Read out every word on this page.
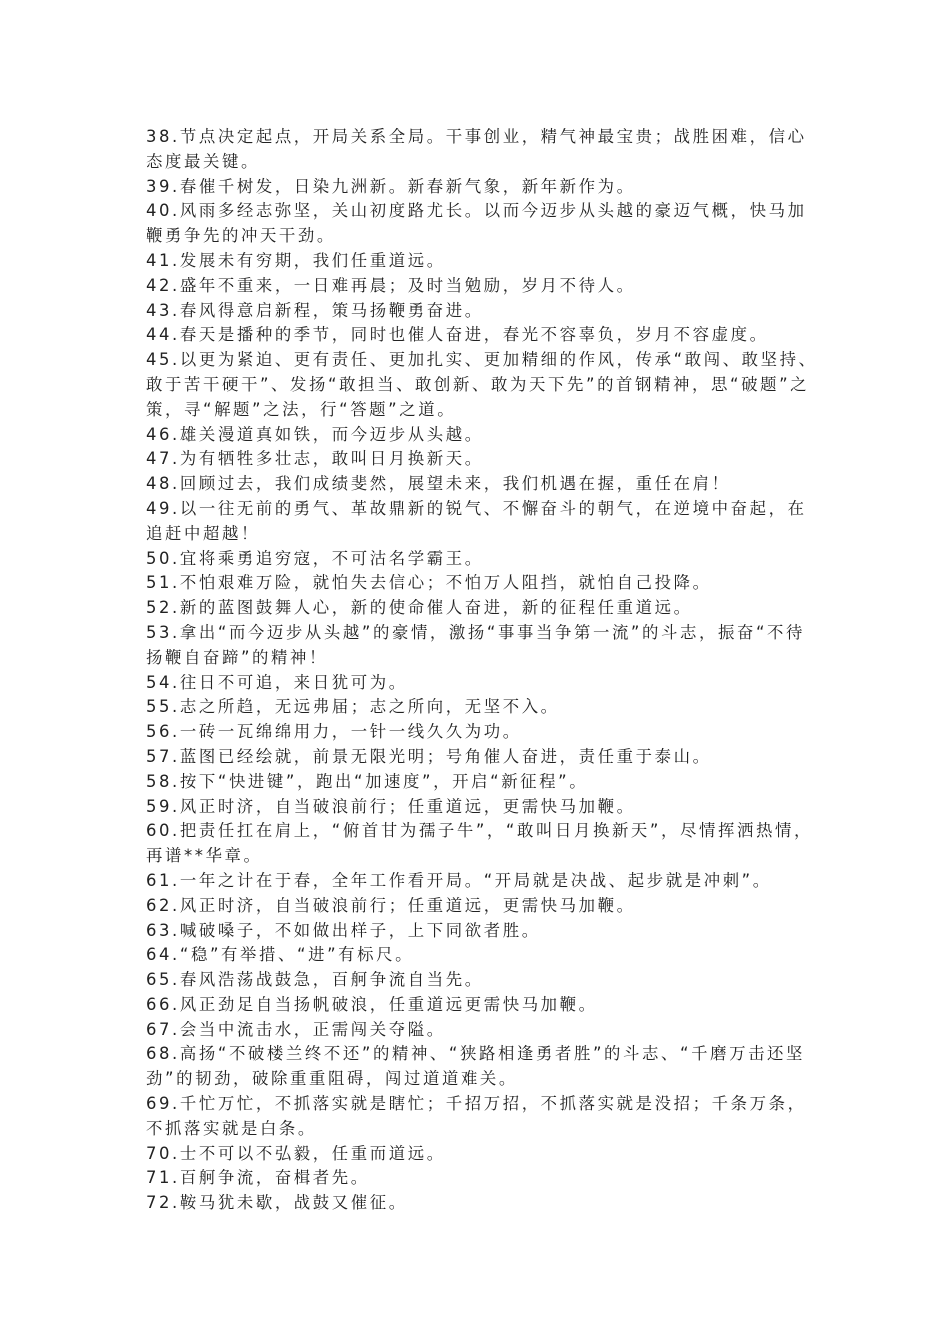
38.节点决定起点，开局关系全局。干事创业，精气神最宝贵；战胜困难，信心态度最关键。
39.春催千树发，日染九洲新。新春新气象，新年新作为。
40.风雨多经志弥坚，关山初度路尤长。以而今迈步从头越的豪迈气概，快马加鞭勇争先的冲天干劲。
41.发展未有穷期，我们任重道远。
42.盛年不重来，一日难再晨；及时当勉励，岁月不待人。
43.春风得意启新程，策马扬鞭勇奋进。
44.春天是播种的季节，同时也催人奋进，春光不容辜负，岁月不容虚度。
45.以更为紧迫、更有责任、更加扎实、更加精细的作风，传承“敢闯、敢坚持、敢于苦干硬干”、发扬“敢担当、敢创新、敢为天下先”的首钢精神，思“破题”之策，寻“解题”之法，行“答题”之道。
46.雄关漫道真如铁，而今迈步从头越。
47.为有牺牲多壮志，敢叫日月换新天。
48.回顾过去，我们成绩斐然，展望未来，我们机遇在握，重任在肩！
49.以一往无前的勇气、革故鼎新的锐气、不懈奋斗的朝气，在逆境中奋起，在追赶中超越！
50.宜将乘勇追穷寇，不可沽名学霸王。
51.不怕艰难万险，就怕失去信心；不怕万人阻挡，就怕自己投降。
52.新的蓝图鼓舞人心，新的使命催人奋进，新的征程任重道远。
53.拿出“而今迈步从头越”的豪情，激扬“事事当争第一流”的斗志，振奋“不待扬鞭自奋蹄”的精神！
54.往日不可追，来日犹可为。
55.志之所趋，无远弗届；志之所向，无坚不入。
56.一砖一瓦绵绵用力，一针一线久久为功。
57.蓝图已经绘就，前景无限光明；号角催人奋进，责任重于泰山。
58.按下“快进键”，跑出“加速度”，开启“新征程”。
59.风正时济，自当破浪前行；任重道远，更需快马加鞭。
60.把责任扛在肩上，“俯首甘为孺子牛”，“敢叫日月换新天”，尽情挥洒热情，再谱**华章。
61.一年之计在于春，全年工作看开局。“开局就是决战、起步就是冲刺”。
62.风正时济，自当破浪前行；任重道远，更需快马加鞭。
63.喊破嗓子，不如做出样子，上下同欲者胜。
64.“稳”有举措、“进”有标尺。
65.春风浩荡战鼓急，百舸争流自当先。
66.风正劲足自当扬帆破浪，任重道远更需快马加鞭。
67.会当中流击水，正需闯关夺隘。
68.高扬“不破楼兰终不还”的精神、“狭路相逢勇者胜”的斗志、“千磨万击还坚劲”的韧劲，破除重重阻碍，闯过道道难关。
69.千忙万忙，不抓落实就是瞎忙；千招万招，不抓落实就是没招；千条万条，不抓落实就是白条。
70.士不可以不弘毅，任重而道远。
71.百舸争流，奋楫者先。
72.鞍马犹未歇，战鼓又催征。
